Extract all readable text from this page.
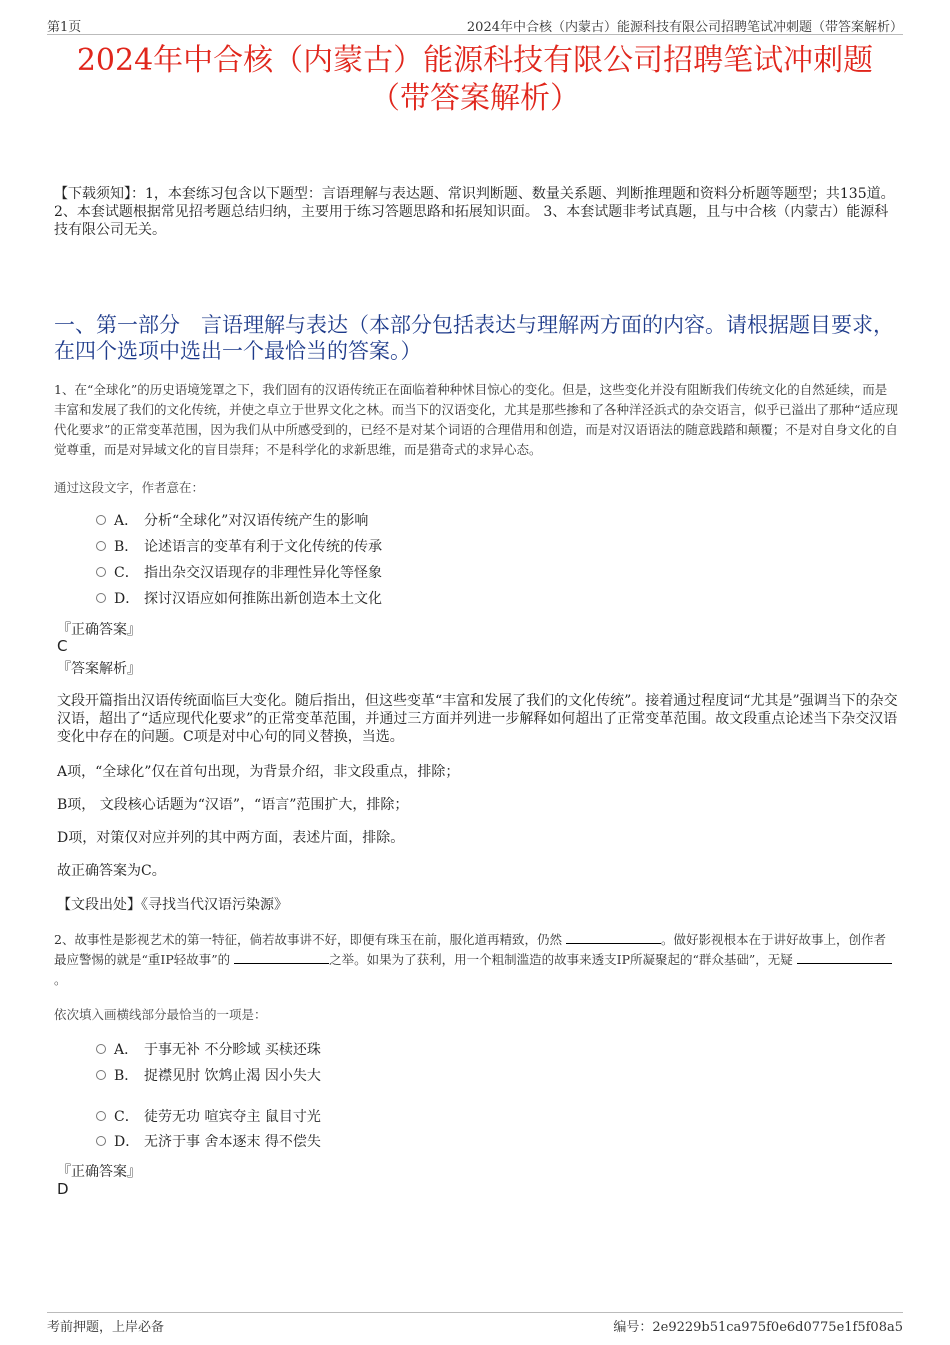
第1页	2024年中合核（内蒙古）能源科技有限公司招聘笔试冲刺题（带答案解析）
2024年中合核（内蒙古）能源科技有限公司招聘笔试冲刺题
（带答案解析）
【下载须知】：1，本套练习包含以下题型：言语理解与表达题、常识判断题、数量关系题、判断推理题和资料分析题等题型；共135道。 2、本套试题根据常见招考题总结归纳，主要用于练习答题思路和拓展知识面。 3、本套试题非考试真题，且与中合核（内蒙古）能源科技有限公司无关。
一、第一部分　言语理解与表达（本部分包括表达与理解两方面的内容。请根据题目要求，在四个选项中选出一个最恰当的答案。）
1、在“全球化”的历史语境笼罩之下，我们固有的汉语传统正在面临着种种怵目惊心的变化。但是，这些变化并没有阻断我们传统文化的自然延续，而是丰富和发展了我们的文化传统，并使之卓立于世界文化之林。而当下的汉语变化，尤其是那些掺和了各种洋泾浜式的杂交语言，似乎已溢出了那种“适应现代化要求”的正常变革范围，因为我们从中所感受到的，已经不是对某个词语的合理借用和创造，而是对汉语语法的随意践踏和颠覆；不是对自身文化的自觉尊重，而是对异域文化的盲目崇拜；不是科学化的求新思维，而是猎奇式的求异心态。
通过这段文字，作者意在：
A． 分析“全球化”对汉语传统产生的影响
B． 论述语言的变革有利于文化传统的传承
C． 指出杂交汉语现存的非理性异化等怪象
D． 探讨汉语应如何推陈出新创造本土文化
『正确答案』
C
『答案解析』
文段开篇指出汉语传统面临巨大变化。随后指出，但这些变革“丰富和发展了我们的文化传统”。接着通过程度词“尤其是”强调当下的杂交汉语，超出了“适应现代化要求”的正常变革范围，并通过三方面并列进一步解释如何超出了正常变革范围。故文段重点论述当下杂交汉语变化中存在的问题。C项是对中心句的同义替换，当选。
A项，“全球化”仅在首句出现，为背景介绍，非文段重点，排除；
B项， 文段核心话题为“汉语”，“语言”范围扩大，排除；
D项，对策仅对应并列的其中两方面，表述片面，排除。
故正确答案为C。
【文段出处】《寻找当代汉语污染源》
2、故事性是影视艺术的第一特征，倘若故事讲不好，即便有珠玉在前，服化道再精致，仍然	。做好影视根本在于讲好故事上，创作者最应警惕的就是“重IP轻故事”的	之举。如果为了获利，用一个粗制滥造的故事来透支IP所凝聚起的“群众基础”，无疑 。
依次填入画横线部分最恰当的一项是：
A． 于事无补 不分畛域 买椟还珠
B． 捉襟见肘 饮鸩止渴 因小失大
C． 徒劳无功 喧宾夺主 鼠目寸光
D． 无济于事 舍本逐末 得不偿失
『正确答案』
D
考前押题，上岸必备	编号：2e9229b51ca975f0e6d0775e1f5f08a5
